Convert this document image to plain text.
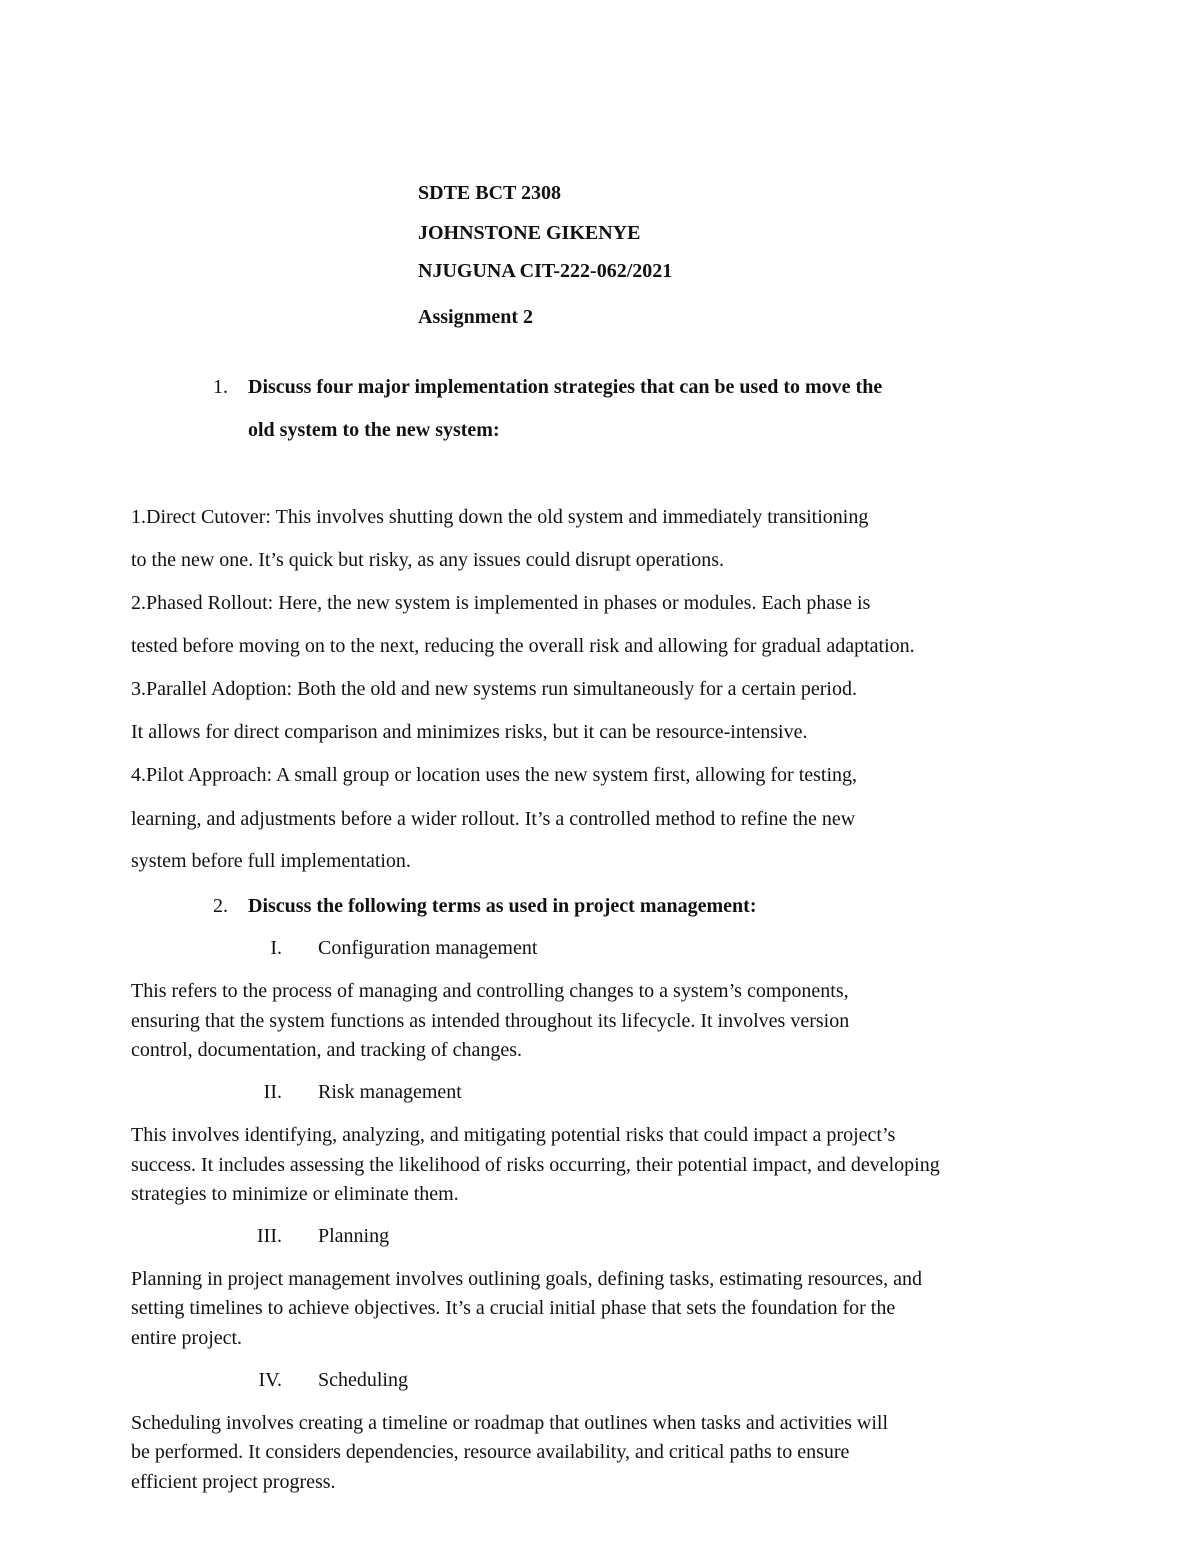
SDTE BCT 2308
JOHNSTONE GIKENYE
NJUGUNA CIT-222-062/2021
Assignment 2
1. Discuss four major implementation strategies that can be used to move the
old system to the new system:
1.Direct Cutover: This involves shutting down the old system and immediately transitioning
to the new one. It’s quick but risky, as any issues could disrupt operations.
2.Phased Rollout: Here, the new system is implemented in phases or modules. Each phase is
tested before moving on to the next, reducing the overall risk and allowing for gradual adaptation.
3.Parallel Adoption: Both the old and new systems run simultaneously for a certain period.
It allows for direct comparison and minimizes risks, but it can be resource-intensive.
4.Pilot Approach: A small group or location uses the new system first, allowing for testing,
learning, and adjustments before a wider rollout. It’s a controlled method to refine the new
system before full implementation.
2. Discuss the following terms as used in project management:
I. Configuration management
This refers to the process of managing and controlling changes to a system’s components,
ensuring that the system functions as intended throughout its lifecycle. It involves version
control, documentation, and tracking of changes.
II. Risk management
This involves identifying, analyzing, and mitigating potential risks that could impact a project’s
success. It includes assessing the likelihood of risks occurring, their potential impact, and developing
strategies to minimize or eliminate them.
III. Planning
Planning in project management involves outlining goals, defining tasks, estimating resources, and
setting timelines to achieve objectives. It’s a crucial initial phase that sets the foundation for the
entire project.
IV. Scheduling
Scheduling involves creating a timeline or roadmap that outlines when tasks and activities will
be performed. It considers dependencies, resource availability, and critical paths to ensure
efficient project progress.
